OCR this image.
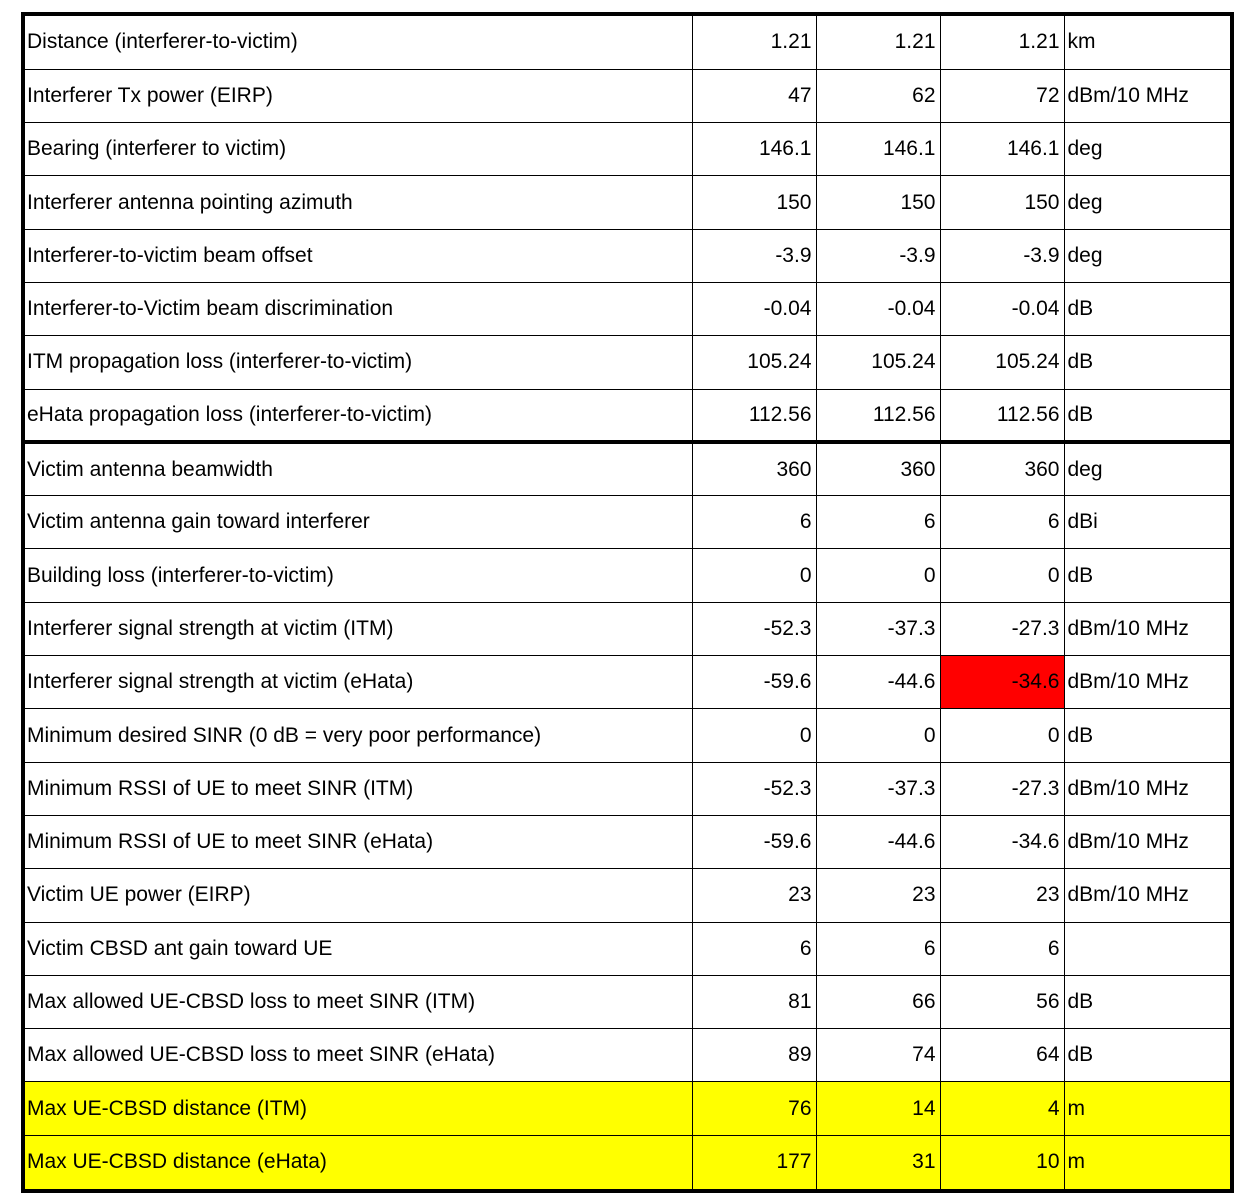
Distance (interferer-to-victim)	1.21	1.21	1.21	km
Interferer Tx power (EIRP)	47	62	72	dBm/10 MHz
Bearing (interferer to victim)	146.1	146.1	146.1	deg
Interferer antenna pointing azimuth	150	150	150	deg
Interferer-to-victim beam offset	-3.9	-3.9	-3.9	deg
Interferer-to-Victim beam discrimination	-0.04	-0.04	-0.04	dB
ITM propagation loss (interferer-to-victim)	105.24	105.24	105.24	dB
eHata propagation loss (interferer-to-victim)	112.56	112.56	112.56	dB
Victim antenna beamwidth	360	360	360	deg
Victim antenna gain toward interferer	6	6	6	dBi
Building loss (interferer-to-victim)	0	0	0	dB
Interferer signal strength at victim (ITM)	-52.3	-37.3	-27.3	dBm/10 MHz
Interferer signal strength at victim (eHata)	-59.6	-44.6	-34.6	dBm/10 MHz
Minimum desired SINR (0 dB = very poor performance)	0	0	0	dB
Minimum RSSI of UE to meet SINR (ITM)	-52.3	-37.3	-27.3	dBm/10 MHz
Minimum RSSI of UE to meet SINR (eHata)	-59.6	-44.6	-34.6	dBm/10 MHz
Victim UE power (EIRP)	23	23	23	dBm/10 MHz
Victim CBSD ant gain toward UE	6	6	6	
Max allowed UE-CBSD loss to meet SINR (ITM)	81	66	56	dB
Max allowed UE-CBSD loss to meet SINR (eHata)	89	74	64	dB
Max UE-CBSD distance (ITM)	76	14	4	m
Max UE-CBSD distance (eHata)	177	31	10	m
